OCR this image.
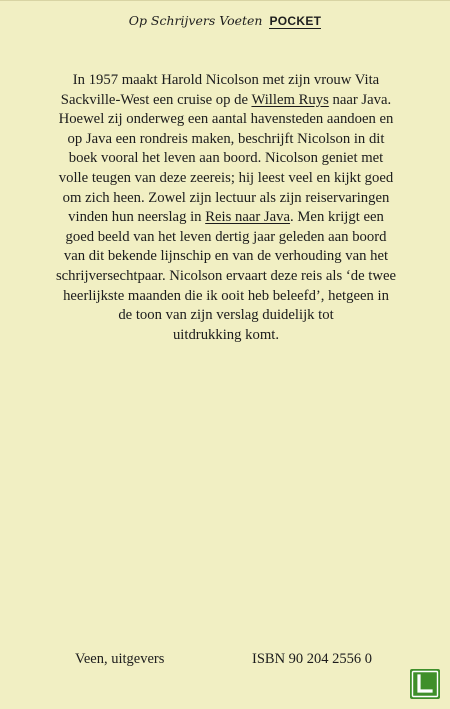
Op Schrijvers Voeten POCKET

In 1957 maakt Harold Nicolson met zijn vrouw Vita
Sackville-West een cruise op de Willem Ruys naar Java.
Hoewel zij onderweg een aantal havensteden aandoen en
op Java een rondreis maken, beschrijft Nicolson in dit
boek vooral het leven aan boord. Nicolson geniet met
volle teugen van deze zeereis; hij leest veel en kijkt goed
om zich heen. Zowel zijn lectuur als zijn reiservaringen
vinden hun neerslag in Reis naar Java. Men krijgt een
goed beeld van het leven dertig jaar geleden aan boord
van dit bekende lijnschip en van de verhouding van het
schrijversechtpaar. Nicolson ervaart deze reis als ‘de twee
heerlijkste maanden die ik ooit heb beleefd’, hetgeen in
de toon van zijn verslag duidelijk tot
uitdrukking komt.

Veen, uitgevers	ISBN 90 204 2556 0
